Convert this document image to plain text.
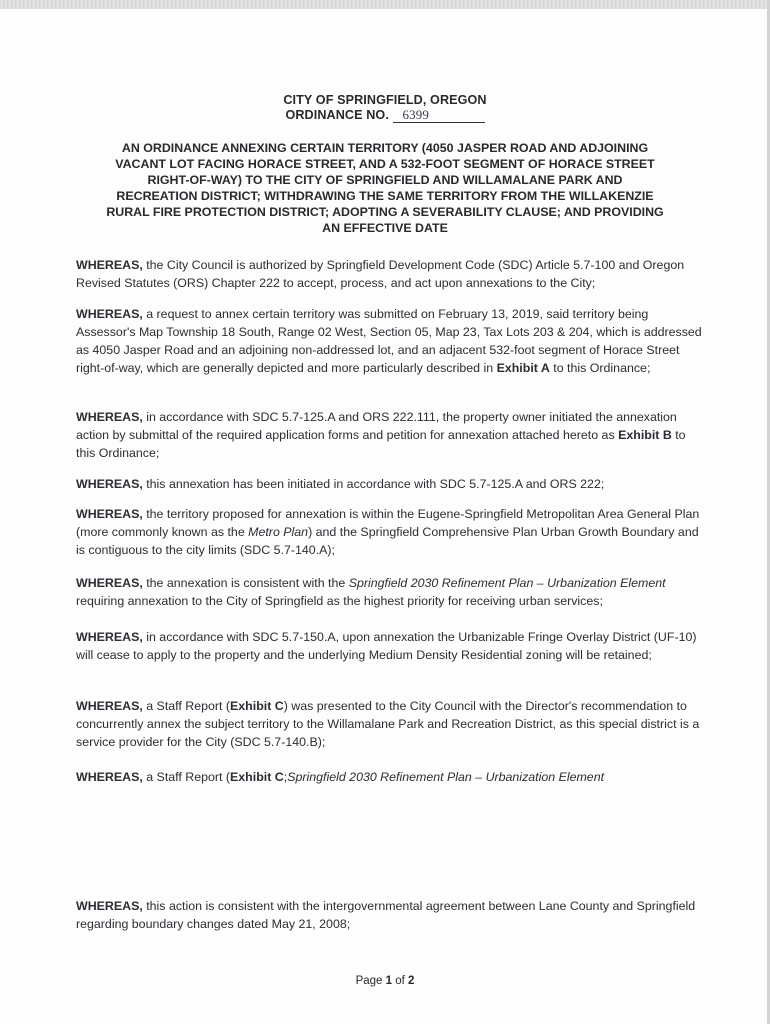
CITY OF SPRINGFIELD, OREGON
ORDINANCE NO. 6399
AN ORDINANCE ANNEXING CERTAIN TERRITORY (4050 JASPER ROAD AND ADJOINING
VACANT LOT FACING HORACE STREET, AND A 532-FOOT SEGMENT OF HORACE STREET
RIGHT-OF-WAY) TO THE CITY OF SPRINGFIELD AND WILLAMALANE PARK AND
RECREATION DISTRICT; WITHDRAWING THE SAME TERRITORY FROM THE WILLAKENZIE
RURAL FIRE PROTECTION DISTRICT; ADOPTING A SEVERABILITY CLAUSE; AND PROVIDING
AN EFFECTIVE DATE
WHEREAS, the City Council is authorized by Springfield Development Code (SDC) Article 5.7-100 and Oregon Revised Statutes (ORS) Chapter 222 to accept, process, and act upon annexations to the City;
WHEREAS, a request to annex certain territory was submitted on February 13, 2019, said territory being Assessor's Map Township 18 South, Range 02 West, Section 05, Map 23, Tax Lots 203 & 204, which is addressed as 4050 Jasper Road and an adjoining non-addressed lot, and an adjacent 532-foot segment of Horace Street right-of-way, which are generally depicted and more particularly described in Exhibit A to this Ordinance;
WHEREAS, in accordance with SDC 5.7-125.A and ORS 222.111, the property owner initiated the annexation action by submittal of the required application forms and petition for annexation attached hereto as Exhibit B to this Ordinance;
WHEREAS, this annexation has been initiated in accordance with SDC 5.7-125.A and ORS 222;
WHEREAS, the territory proposed for annexation is within the Eugene-Springfield Metropolitan Area General Plan (more commonly known as the Metro Plan) and the Springfield Comprehensive Plan Urban Growth Boundary and is contiguous to the city limits (SDC 5.7-140.A);
WHEREAS, the annexation is consistent with the Springfield 2030 Refinement Plan – Urbanization Element requiring annexation to the City of Springfield as the highest priority for receiving urban services;
WHEREAS, in accordance with SDC 5.7-150.A, upon annexation the Urbanizable Fringe Overlay District (UF-10) will cease to apply to the property and the underlying Medium Density Residential zoning will be retained;
WHEREAS, a Staff Report (Exhibit C) was presented to the City Council with the Director's recommendation to concurrently annex the subject territory to the Willamalane Park and Recreation District, as this special district is a service provider for the City (SDC 5.7-140.B);
WHEREAS, a Staff Report (Exhibit C;Springfield 2030 Refinement Plan – Urbanization Element
WHEREAS, this action is consistent with the intergovernmental agreement between Lane County and Springfield regarding boundary changes dated May 21, 2008;
Page 1 of 2
